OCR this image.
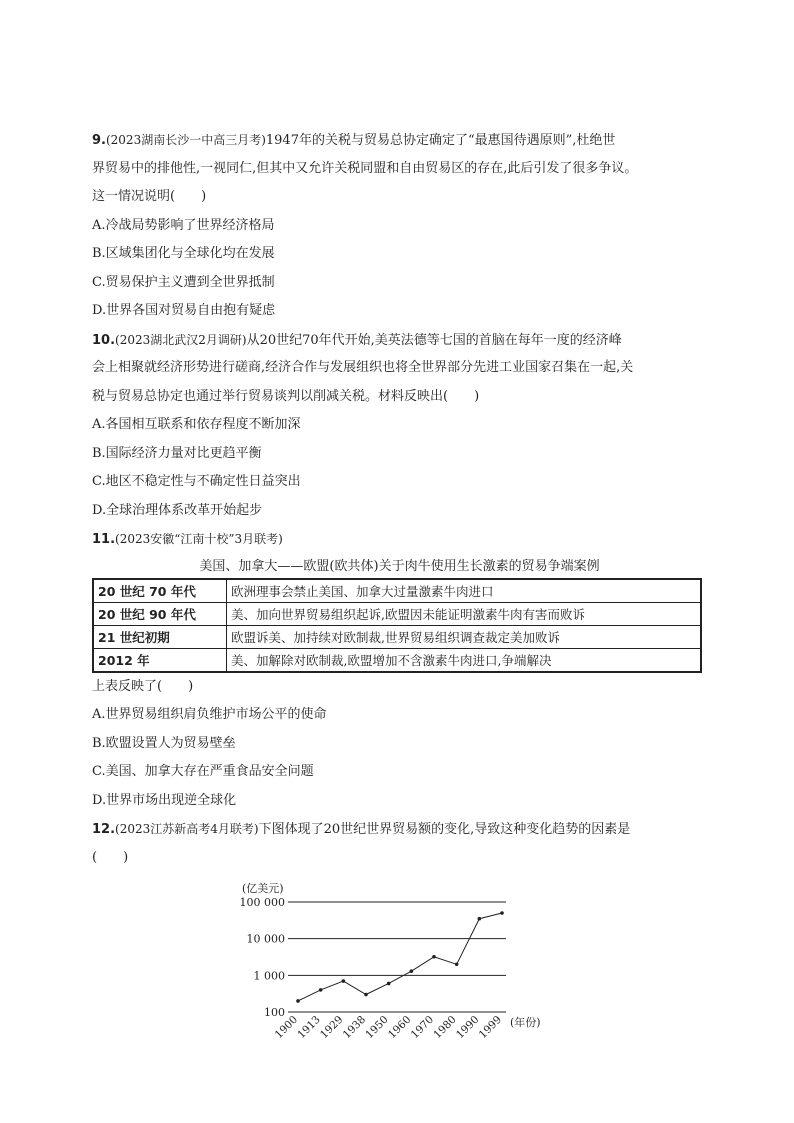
9.(2023湖南长沙一中高三月考)1947年的关税与贸易总协定确定了“最惠国待遇原则”,杜绝世
界贸易中的排他性,一视同仁,但其中又允许关税同盟和自由贸易区的存在,此后引发了很多争议。
这一情况说明(　　)
A.冷战局势影响了世界经济格局
B.区域集团化与全球化均在发展
C.贸易保护主义遭到全世界抵制
D.世界各国对贸易自由抱有疑虑
10.(2023湖北武汉2月调研)从20世纪70年代开始,美英法德等七国的首脑在每年一度的经济峰
会上相聚就经济形势进行磋商,经济合作与发展组织也将全世界部分先进工业国家召集在一起,关
税与贸易总协定也通过举行贸易谈判以削减关税。材料反映出(　　)
A.各国相互联系和依存程度不断加深
B.国际经济力量对比更趋平衡
C.地区不稳定性与不确定性日益突出
D.全球治理体系改革开始起步
11.(2023安徽“江南十校”3月联考)
美国、加拿大——欧盟(欧共体)关于肉牛使用生长激素的贸易争端案例
20 世纪 70 年代	欧洲理事会禁止美国、加拿大过量激素牛肉进口
20 世纪 90 年代	美、加向世界贸易组织起诉,欧盟因未能证明激素牛肉有害而败诉
21 世纪初期	欧盟诉美、加持续对欧制裁,世界贸易组织调查裁定美加败诉
2012 年	美、加解除对欧制裁,欧盟增加不含激素牛肉进口,争端解决
上表反映了(　　)
A.世界贸易组织肩负维护市场公平的使命
B.欧盟设置人为贸易壁垒
C.美国、加拿大存在严重食品安全问题
D.世界市场出现逆全球化
12.(2023江苏新高考4月联考)下图体现了20世纪世界贸易额的变化,导致这种变化趋势的因素是
(　　)
(亿美元)
100
1 000
10 000
100 000
1900
1913
1929
1938
1950
1960
1970
1980
1990
1999 (年份)
